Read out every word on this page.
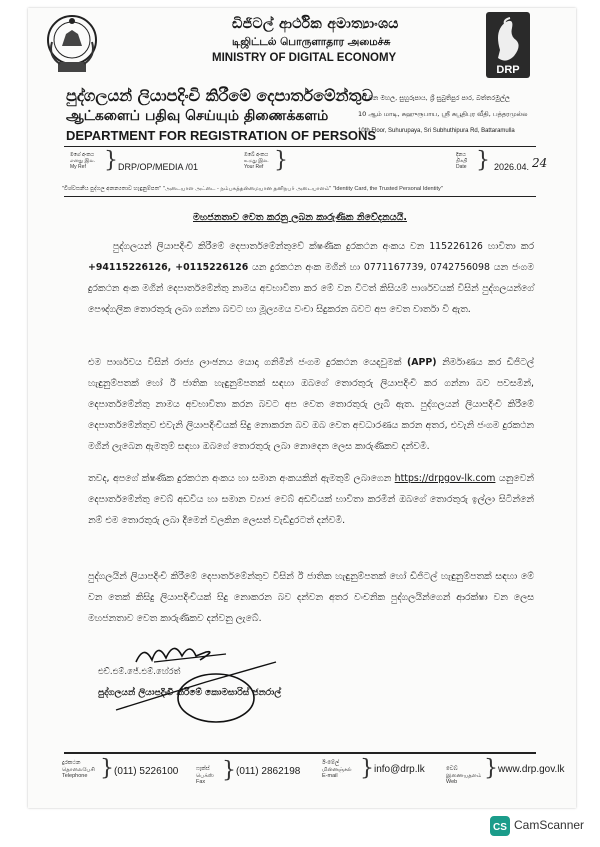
ඩිජිටල් ආර්ථික අමාත්‍යාංශය
டிஜிட்டல் பொருளாதார அமைச்சு
MINISTRY OF DIGITAL ECONOMY
DRP
පුද්ගලයන් ලියාපදිංචි කිරීමේ දෙපාර්තමේන්තුව
ஆட்களைப் பதிவு செய்யும் திணைக்களம்
DEPARTMENT FOR REGISTRATION OF PERSONS
10 වන මහල, සුහුරුපාය, ශ්‍රී සුබුතිපුර පාර, බත්තරමුල්ල
10 ஆம் மாடி, சுஹுருபாய, ஸ்ரீ சுபூதிபுர வீதி, பத்தரமுல்ல
10th Floor, Suhurupaya, Sri Subhuthipura Rd, Battaramulla
මගේ අංකය
எனது இல.
My Ref } DRP/OP/MEDIA /01
ඔබේ අංකය
உமது இல.
Your Ref }	දිනය
திகதி
Date } 2026.04. 24
"විශ්වසනීය පුද්ගල අනන්‍යතාව හැඳුනුම්පත" "அடையாள அட்டை - நம்பகத்தன்மையான தனிநபர் அடையாளம்" "Identity Card, the Trusted Personal Identity"
මහජනතාව වෙත කරනු ලබන කාරුණික නිවේදනයයි.
පුද්ගලයන් ලියාපදිංචි කිරීමේ දෙපාර්තමේන්තුවේ ක්ෂණික දුරකථන අංකය වන 115226126 හාවිතා කර +94115226126, +0115226126 යන දුරකථන අංක මගින් හා 0771167739, 0742756098 යන ජංගම දුරකථන අංක මගින් දෙපාර්තමේන්තු නාමය අවභාවිතා කර මේ වන විටත් කිසියම් පාර්ශවයක් විසින් පුද්ගලයන්ගේ පෞද්ගලික තොරතුරු ලබා ගන්නා බවට හා මූල්‍යමය වංචා සිදුකරන බවට අප වෙත වාර්තා වී ඇත.
එම පාර්ශවය විසින් රාජ්‍ය ලාංඡනය යොදා ගනිමින් ජංගම දුරකථන යෙදවුමක් (APP) නිර්මාණය කර ඩිජිටල් හැඳුනුම්පතක් හෝ ඊ ජාතික හැඳුනුම්පතක් සඳහා ඔබගේ තොරතුරු ලියාපදිංචි කර ගන්නා බව පවසමින්, දෙපාර්තමේන්තු නාමය අවභාවිතා කරන බවට අප වෙත තොරතුරු ලැබී ඇත. පුද්ගලයන් ලියාපදිංචි කිරීමේ දෙපාර්තමේන්තුව එවැනි ලියාපදිංචියක් සිදු නොකරන බව ඔබ වෙත අවධාරණය කරන අතර, එවැනි ජංගම දුරකථන මගින් ලැබෙන ඇමතුම් සඳහා ඔබගේ තොරතුරු ලබා නොදෙන ලෙස කාරුණිකව දන්වමි.
තවද, අපගේ ක්ෂණික දුරකථන අංකය හා සමාන අංකයකින් ඇමතුම් ලබාගෙන https://drpgov-lk.com යනුවෙන් දෙපාර්තමේන්තු වෙබ් අඩවිය හා සමාන ව්‍යාජ වෙබ් අඩවියක් භාවිතා කරමින් ඔබගේ තොරතුරු ඉල්ලා සිටින්නේ නම් එම තොරතුරු ලබා දීමෙන් වලකින ලෙසත් වැඩිදුරටත් දන්වමි.
පුද්ගලයින් ලියාපදිංචි කිරීමේ දෙපාර්තමේන්තුව විසින් ඊ ජාතික හැඳුනුම්පතක් හෝ ඩිජිටල් හැඳුනුම්පතක් සඳහා මේ වන තෙක් කිසිදු ලියාපදිංචියක් සිදු නොකරන බව දන්වන අතර වංචනික පුද්ගලයින්ගෙන් ආරක්ෂා වන ලෙස මහජනතාව වෙත කාරුණිකව දන්වනු ලැබේ.
එච්.එම්.ජේ.එම්.හේරත්
පුද්ගලයන් ලියාපදිංචි කිරීමේ කොමසාරිස් ජනරාල්
දුරකථන
தொலைபேசி
Telephone } (011) 5226100	ෆැක්ස්
பெக்ஸ்
Fax } (011) 2862198
ඊ-මේල්
மின்னஞ்சல்
E-mail	} info@drp.lk	වෙබ්
இணையதளம்
Web
} www.drp.gov.lk
CS CamScanner
